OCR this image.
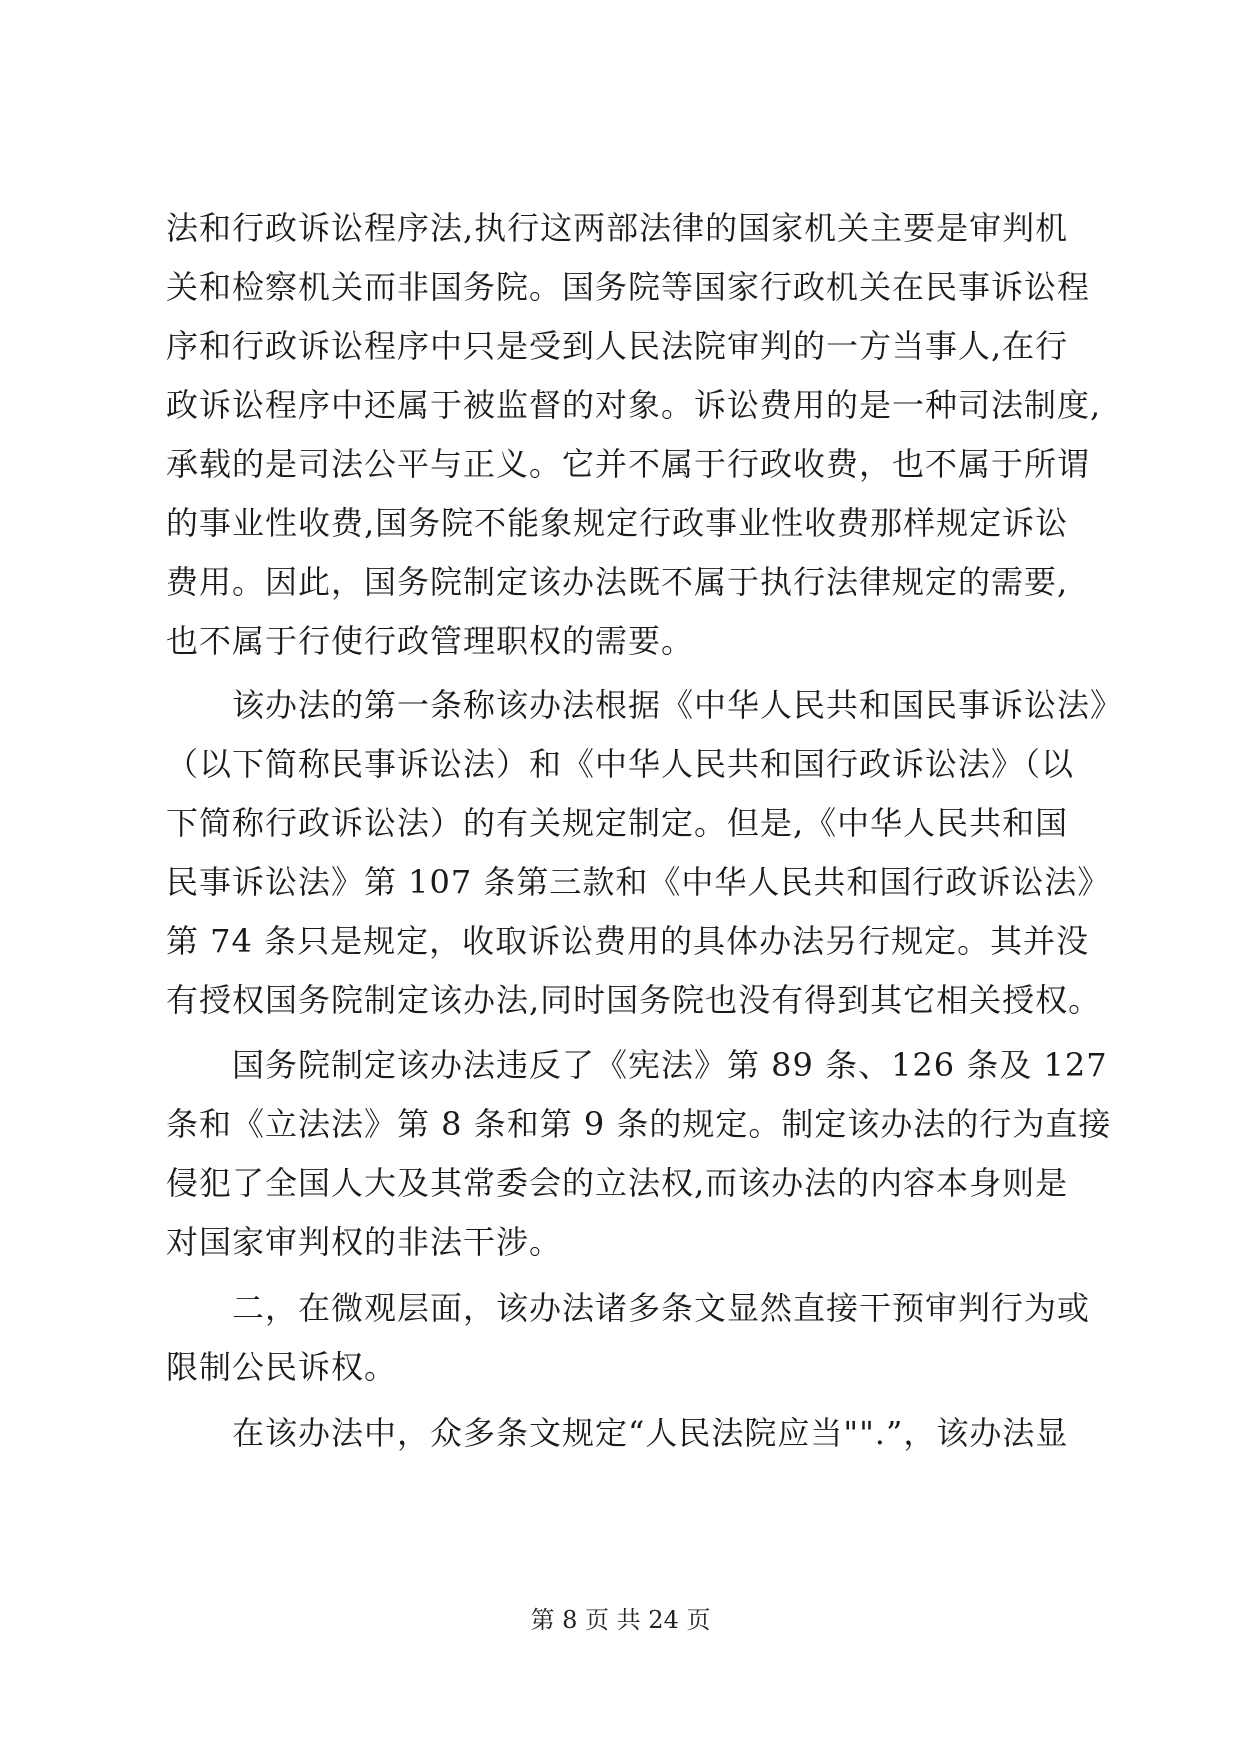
法和行政诉讼程序法,执行这两部法律的国家机关主要是审判机
关和检察机关而非国务院。国务院等国家行政机关在民事诉讼程
序和行政诉讼程序中只是受到人民法院审判的一方当事人,在行
政诉讼程序中还属于被监督的对象。诉讼费用的是一种司法制度,
承载的是司法公平与正义。它并不属于行政收费，也不属于所谓
的事业性收费,国务院不能象规定行政事业性收费那样规定诉讼
费用。因此，国务院制定该办法既不属于执行法律规定的需要,
也不属于行使行政管理职权的需要。
该办法的第一条称该办法根据《中华人民共和国民事诉讼法》
（以下简称民事诉讼法）和《中华人民共和国行政诉讼法》（以
下简称行政诉讼法）的有关规定制定。但是,《中华人民共和国
民事诉讼法》第 107 条第三款和《中华人民共和国行政诉讼法》
第 74 条只是规定，收取诉讼费用的具体办法另行规定。其并没
有授权国务院制定该办法,同时国务院也没有得到其它相关授权。
国务院制定该办法违反了《宪法》第 89 条、126 条及 127
条和《立法法》第 8 条和第 9 条的规定。制定该办法的行为直接
侵犯了全国人大及其常委会的立法权,而该办法的内容本身则是
对国家审判权的非法干涉。
二，在微观层面，该办法诸多条文显然直接干预审判行为或
限制公民诉权。
在该办法中，众多条文规定“人民法院应当"".”，该办法显
第 8 页 共 24 页
